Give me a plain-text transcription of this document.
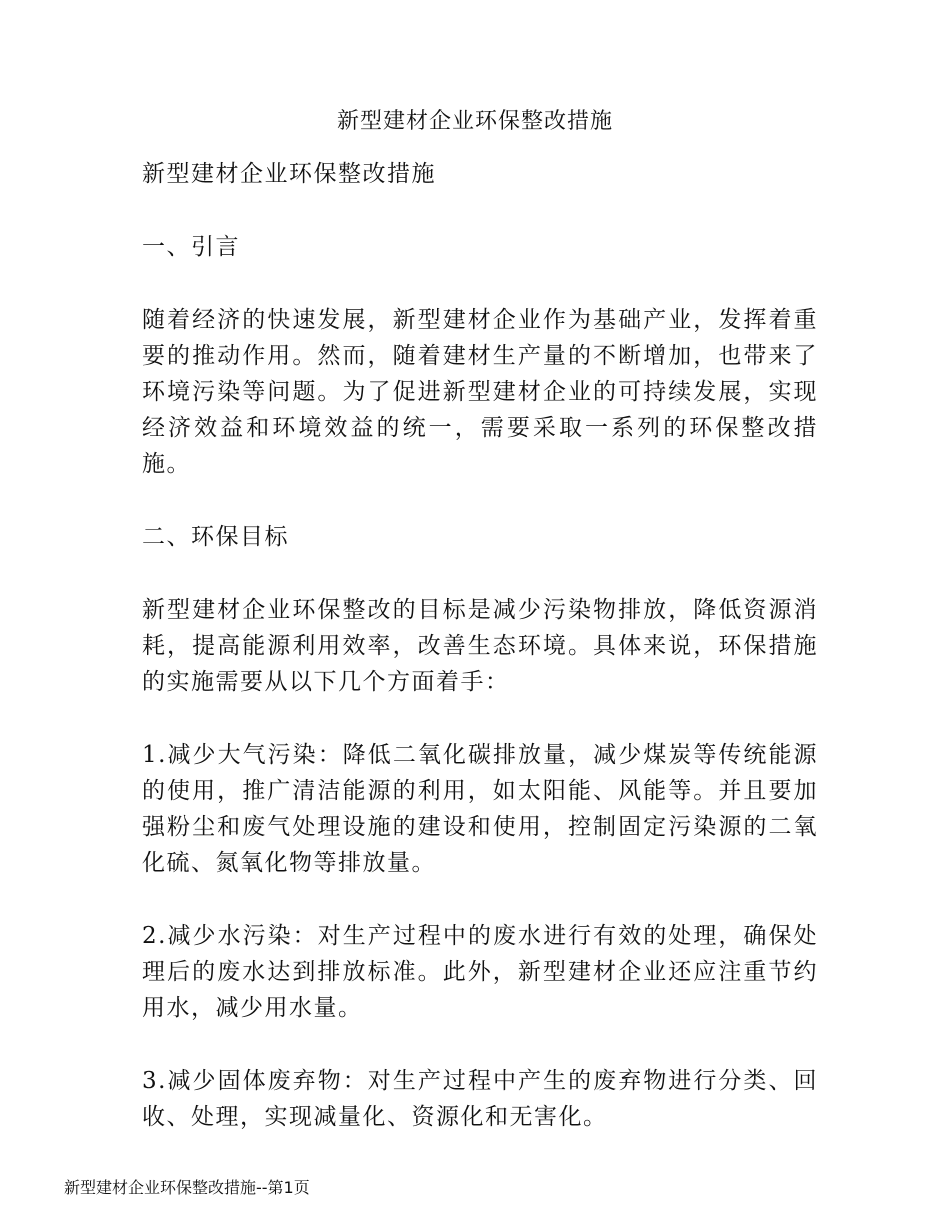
新型建材企业环保整改措施

新型建材企业环保整改措施

一、引言

随着经济的快速发展，新型建材企业作为基础产业，发挥着重要的推动作用。然而，随着建材生产量的不断增加，也带来了环境污染等问题。为了促进新型建材企业的可持续发展，实现经济效益和环境效益的统一，需要采取一系列的环保整改措施。

二、环保目标

新型建材企业环保整改的目标是减少污染物排放，降低资源消耗，提高能源利用效率，改善生态环境。具体来说，环保措施的实施需要从以下几个方面着手：

1.减少大气污染：降低二氧化碳排放量，减少煤炭等传统能源的使用，推广清洁能源的利用，如太阳能、风能等。并且要加强粉尘和废气处理设施的建设和使用，控制固定污染源的二氧化硫、氮氧化物等排放量。

2.减少水污染：对生产过程中的废水进行有效的处理，确保处理后的废水达到排放标准。此外，新型建材企业还应注重节约用水，减少用水量。

3.减少固体废弃物：对生产过程中产生的废弃物进行分类、回收、处理，实现减量化、资源化和无害化。

新型建材企业环保整改措施--第1页
